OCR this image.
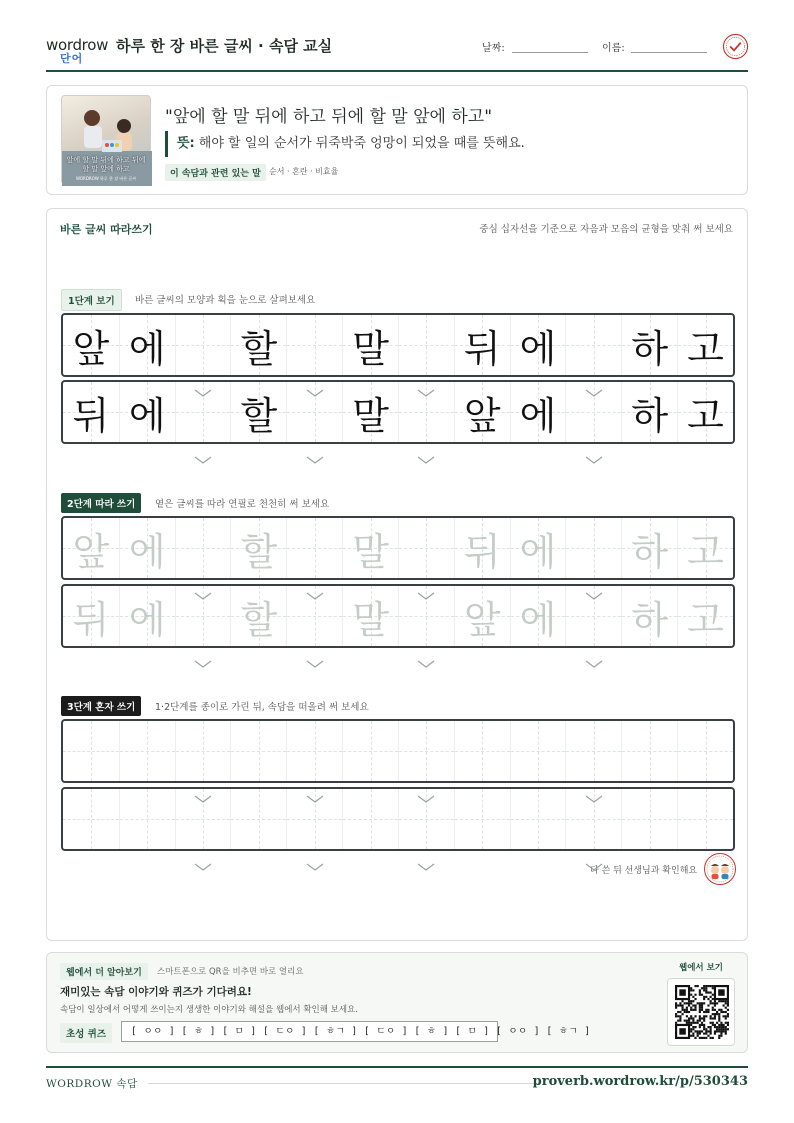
wordrow
단어
하루 한 장 바른 글씨 · 속담 교실	날짜:	이름:
앞에 할 말 뒤에 하고 뒤에 할 말 앞에 하고
WORDROW 하루 한 장 바른 글씨
"앞에 할 말 뒤에 하고 뒤에 할 말 앞에 하고"
뜻: 해야 할 일의 순서가 뒤죽박죽 엉망이 되었을 때를 뜻해요.
이 속담과 관련 있는 말	순서 · 혼란 · 비효율
바른 글씨 따라쓰기	중심 십자선을 기준으로 자음과 모음의 균형을 맞춰 써 보세요
1단계 보기	바른 글씨의 모양과 획을 눈으로 살펴보세요
앞 에 할 말 뒤 에 하 고
뒤 에 할 말 앞 에 하 고
2단계 따라 쓰기	옅은 글씨를 따라 연필로 천천히 써 보세요
앞 에 할 말 뒤 에 하 고
뒤 에 할 말 앞 에 하 고
3단계 혼자 쓰기	1·2단계를 종이로 가린 뒤, 속담을 떠올려 써 보세요
다 쓴 뒤 선생님과 확인해요
웹에서 더 알아보기	스마트폰으로 QR을 비추면 바로 열리요
재미있는 속담 이야기와 퀴즈가 기다려요!
속담이 일상에서 어떻게 쓰이는지 생생한 이야기와 해설을 웹에서 확인해 보세요.
초성 퀴즈	[ ㅇㅇ ] [ ㅎ ] [ ㅁ ] [ ㄷㅇ ] [ ㅎㄱ ] [ ㄷㅇ ] [ ㅎ ] [ ㅁ ] [ ㅇㅇ ] [ ㅎㄱ ]
웹에서 보기
WORDROW 속담	proverb.wordrow.kr/p/530343
